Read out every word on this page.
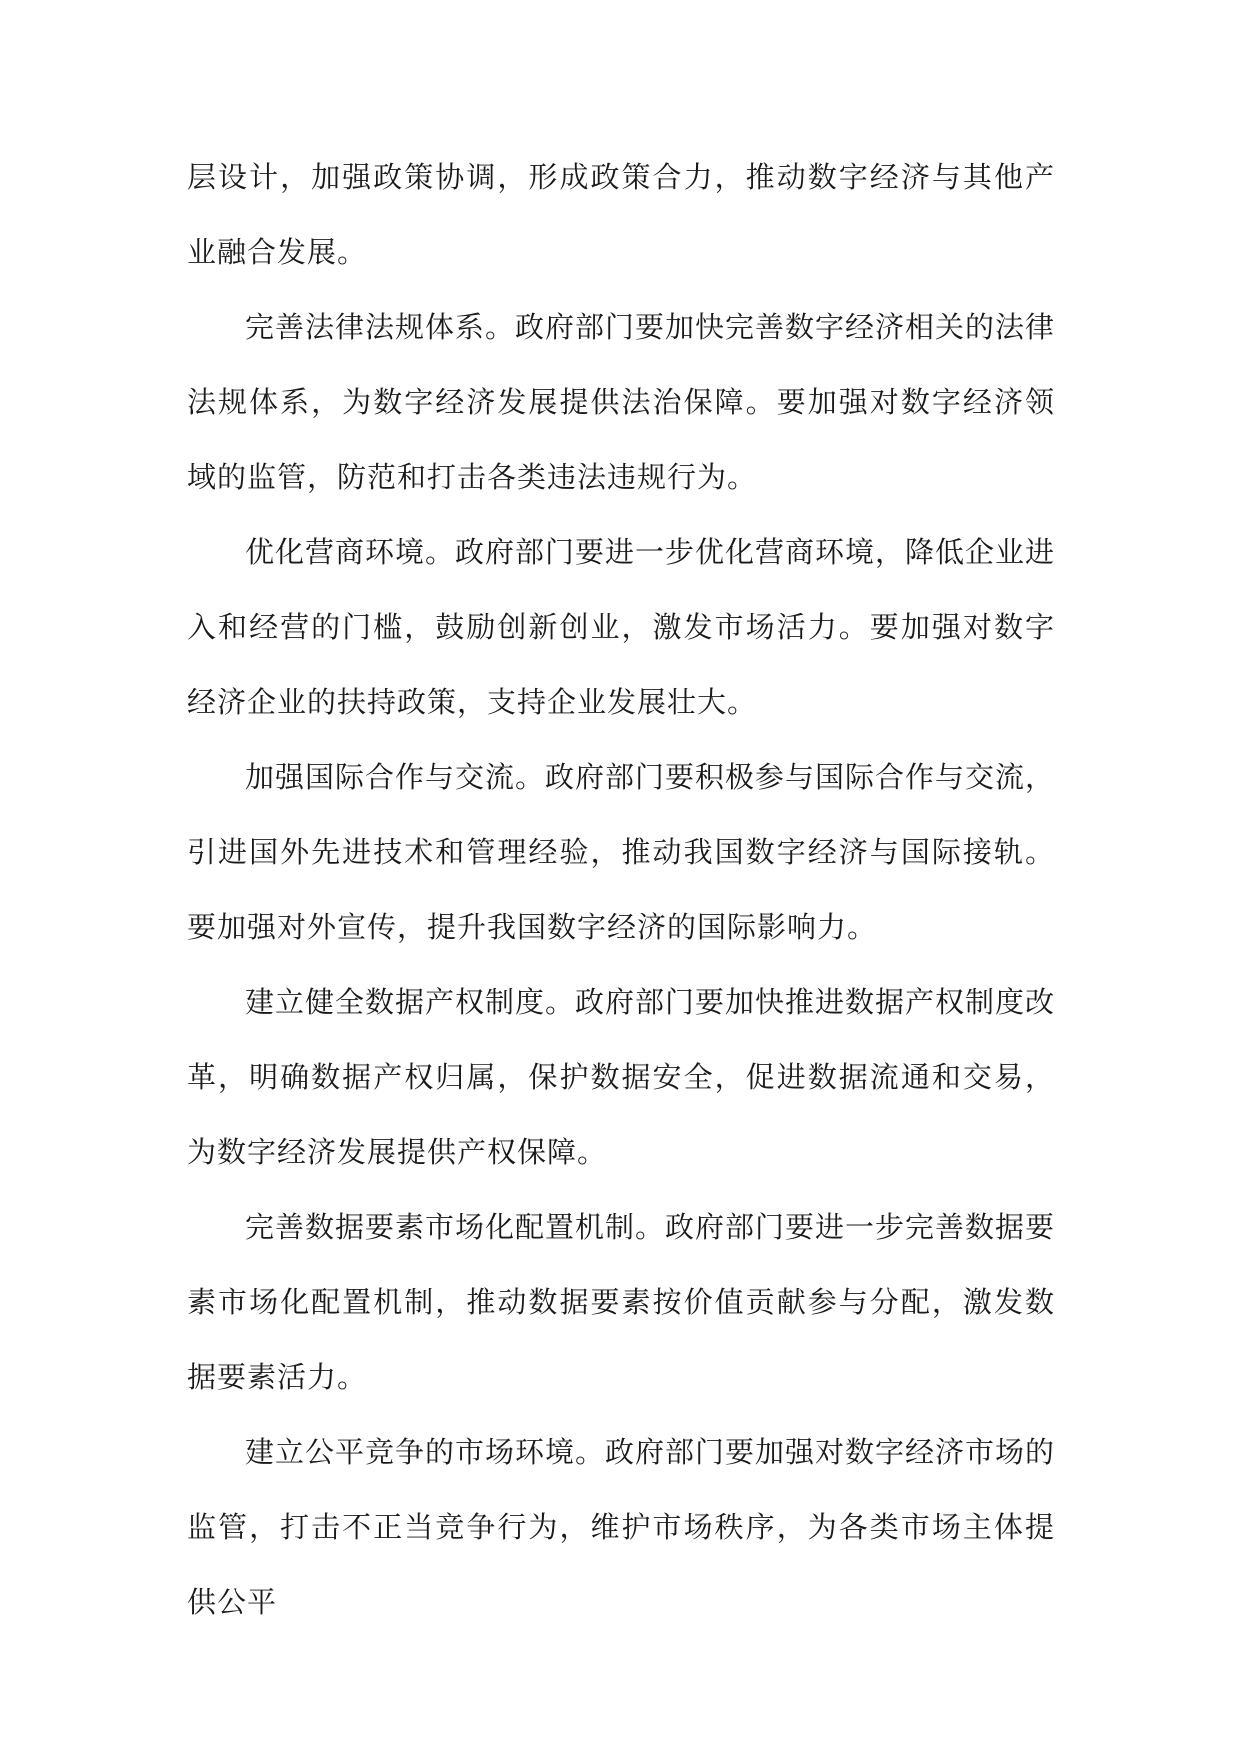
层设计，加强政策协调，形成政策合力，推动数字经济与其他产业融合发展。

完善法律法规体系。政府部门要加快完善数字经济相关的法律法规体系，为数字经济发展提供法治保障。要加强对数字经济领域的监管，防范和打击各类违法违规行为。

优化营商环境。政府部门要进一步优化营商环境，降低企业进入和经营的门槛，鼓励创新创业，激发市场活力。要加强对数字经济企业的扶持政策，支持企业发展壮大。

加强国际合作与交流。政府部门要积极参与国际合作与交流，引进国外先进技术和管理经验，推动我国数字经济与国际接轨。要加强对外宣传，提升我国数字经济的国际影响力。

建立健全数据产权制度。政府部门要加快推进数据产权制度改革，明确数据产权归属，保护数据安全，促进数据流通和交易，为数字经济发展提供产权保障。

完善数据要素市场化配置机制。政府部门要进一步完善数据要素市场化配置机制，推动数据要素按价值贡献参与分配，激发数据要素活力。

建立公平竞争的市场环境。政府部门要加强对数字经济市场的监管，打击不正当竞争行为，维护市场秩序，为各类市场主体提供公平
